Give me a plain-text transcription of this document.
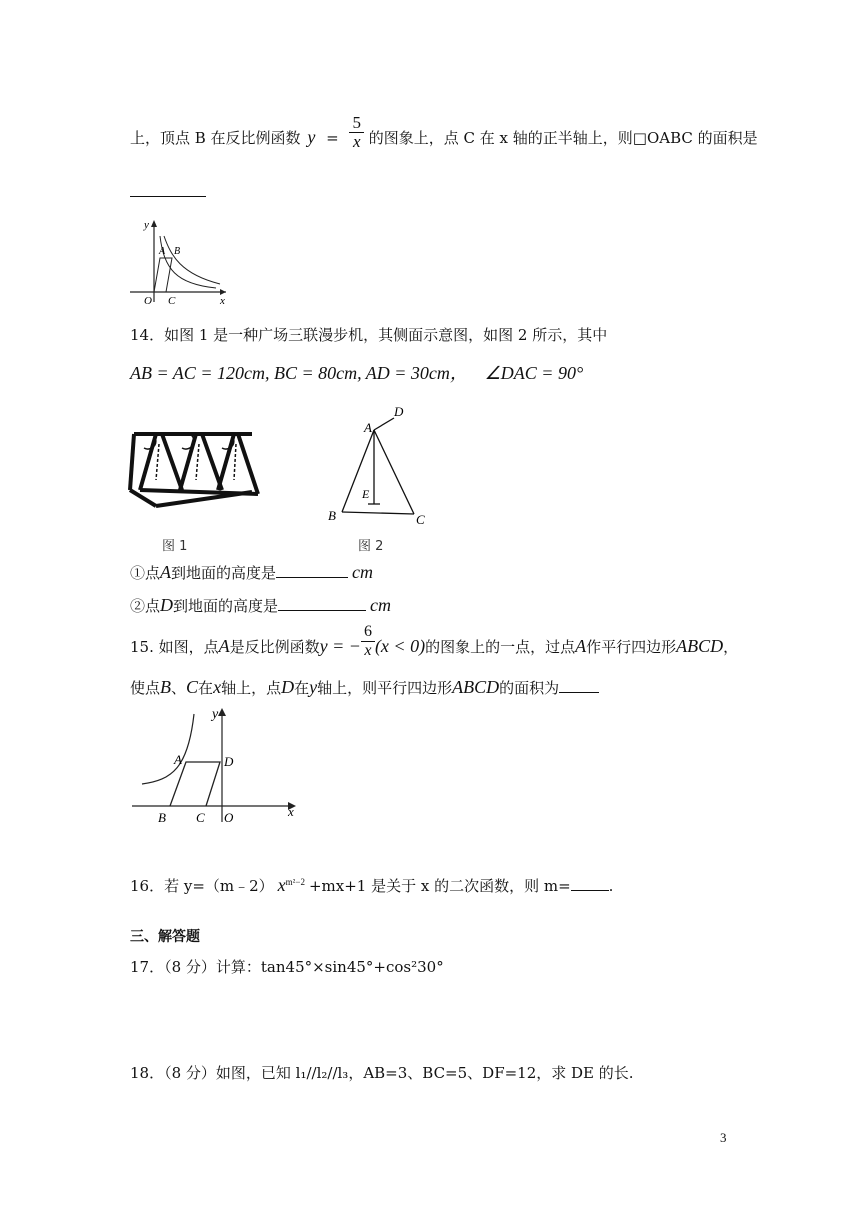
上，顶点 B 在反比例函数 $y = \frac{5}{x}$ 的图象上，点 C 在 x 轴的正半轴上，则□OABC 的面积是
y
A B
O C	x
14．如图 1 是一种广场三联漫步机，其侧面示意图，如图 2 所示，其中
AB = AC = 120cm, BC = 80cm, AD = 30cm， ∠DAC = 90°
图 1
A
D
E
B	C
图 2
①点A到地面的高度是	cm
②点D到地面的高度是	cm
15. 如图，点A是反比例函数y = − $\frac{6}{x} (x < 0)$的图象上的一点，过点A作平行四边形ABCD，
使点B、C在x轴上，点D在y轴上，则平行四边形ABCD的面积为
y
A	D
B C O	x
16．若 y=（m﹣2） $x^{m^2-2} +mx+1$ 是关于 x 的二次函数，则 m=	.
三、解答题
17．（8 分）计算：tan45°×sin45°+cos²30°
18．（8 分）如图，已知 l₁//l₂//l₃，AB=3、BC=5、DF=12，求 DE 的长.
3
